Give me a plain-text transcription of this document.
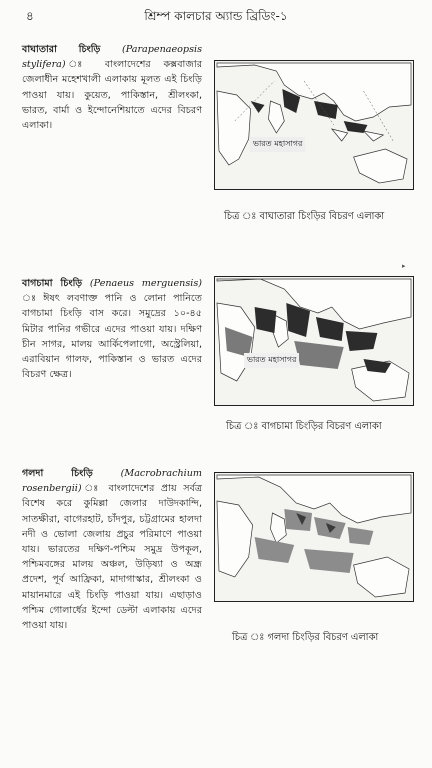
৪	শ্রিম্প কালচার অ্যান্ড ব্রিডিং-১

বাঘাতারা চিংড়ি (Parapenaeopsis stylifera)	ঃ বাংলাদেশের কক্সবাজার জেলাধীন মহেশখালী এলাকায় মূলত এই চিংড়ি পাওয়া যায়। কুয়েত, পাকিস্তান, শ্রীলংকা, ভারত, বার্মা ও ইন্দোনেশিয়াতে এদের বিচরণ এলাকা।

ভারত মহাসাগর
চিত্র ঃ বাঘাতারা চিংড়ির বিচরণ এলাকা

বাগচামা চিংড়ি (Penaeus merguensis) ঃ ঈষৎ লবণাক্ত পানি ও লোনা পানিতে বাগচামা চিংড়ি বাস করে। সমুদ্রের ১০-৪৫ মিটার পানির গভীরে এদের পাওয়া যায়। দক্ষিণ চীন সাগর, মালয় আর্কিপেলাগো, অস্ট্রেলিয়া, এরাবিয়ান গালফ, পাকিস্তান ও ভারত এদের বিচরণ ক্ষেত্র।

ভারত মহাসাগর
চিত্র ঃ বাগচামা চিংড়ির বিচরণ এলাকা

গলদা চিংড়ি	(Macrobrachium rosenbergii) ঃ বাংলাদেশের প্রায় সর্বত্র বিশেষ করে কুমিল্লা জেলার দাউদকান্দি, সাতক্ষীরা, বাগেরহাট, চাঁদপুর, চট্টগ্রামের হালদা নদী ও ভোলা জেলায় প্রচুর পরিমাণে পাওয়া যায়। ভারতের দক্ষিণ-পশ্চিম সমুদ্র উপকূল, পশ্চিমবঙ্গের মালয় অঞ্চল, উড়িষ্যা ও অন্ধ্র প্রদেশ, পূর্ব আফ্রিকা, মাদাগাস্কার, শ্রীলংকা ও মায়ানমারে এই চিংড়ি পাওয়া যায়। এছাড়াও পশ্চিম গোলার্ধের ইন্দো ডেল্টা এলাকায় এদের পাওয়া যায়।

চিত্র ঃ গলদা চিংড়ির বিচরণ এলাকা
▸
